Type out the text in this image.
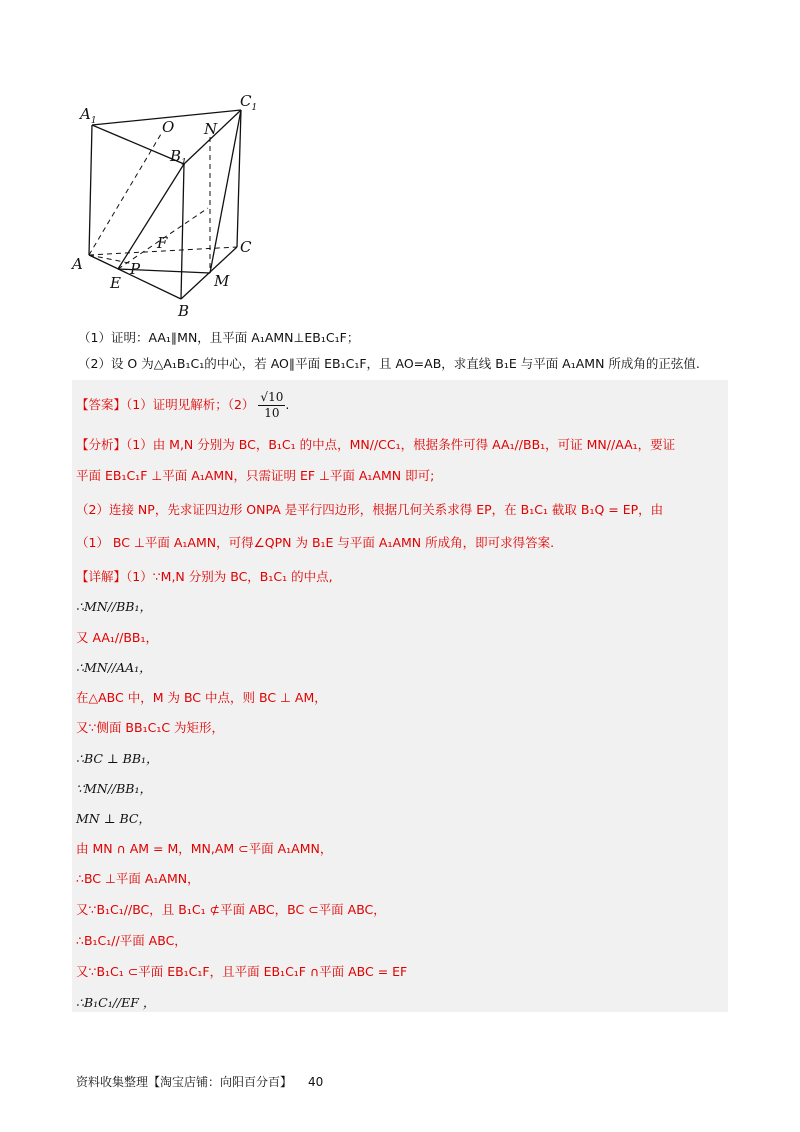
$A_1$
$C_1$
O N
$B_1$
F	C
A	P
E	M
B
（1）证明：AA₁∥MN，且平面 A₁AMN⊥EB₁C₁F；
（2）设 O 为△A₁B₁C₁的中心，若 AO∥平面 EB₁C₁F，且 AO=AB，求直线 B₁E 与平面 A₁AMN 所成角的正弦值.
【答案】（1）证明见解析；$(2) \frac{√10}{10}$ .
【分析】（1）由 M,N 分别为 BC，B₁C₁ 的中点，MN//CC₁，根据条件可得 AA₁//BB₁，可证 MN//AA₁，要证
平面 EB₁C₁F ⊥平面 A₁AMN，只需证明 EF ⊥平面 A₁AMN 即可;
（2）连接 NP，先求证四边形 ONPA 是平行四边形，根据几何关系求得 EP，在 B₁C₁ 截取 B₁Q = EP，由
（1） BC ⊥平面 A₁AMN，可得∠QPN 为 B₁E 与平面 A₁AMN 所成角，即可求得答案.
【详解】（1）∵M,N 分别为 BC，B₁C₁ 的中点,
∴MN//BB₁，
又 AA₁//BB₁，
∴MN//AA₁，
在△ABC 中，M 为 BC 中点，则 BC ⊥ AM，
又∵侧面 BB₁C₁C 为矩形，
∴BC ⊥ BB₁，
∵MN//BB₁，
MN ⊥ BC，
由 MN ∩ AM = M，MN,AM ⊂平面 A₁AMN，
∴BC ⊥平面 A₁AMN，
又∵B₁C₁//BC，且 B₁C₁ ⊄平面 ABC，BC ⊂平面 ABC，
∴B₁C₁//平面 ABC，
又∵B₁C₁ ⊂平面 EB₁C₁F，且平面 EB₁C₁F ∩平面 ABC = EF
∴B₁C₁//EF ，
资料收集整理【淘宝店铺：向阳百分百】 40
